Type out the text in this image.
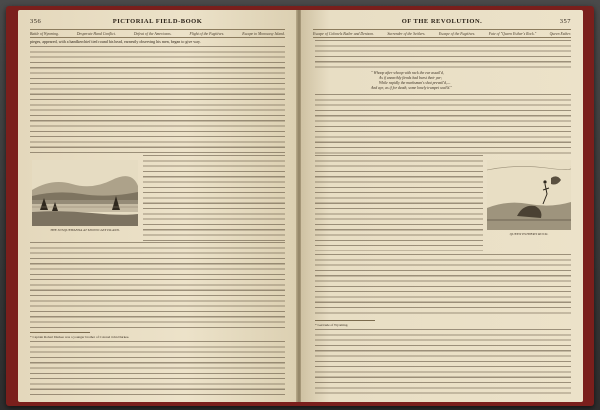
356	PICTORIAL FIELD-BOOK
Battle of Wyoming.	Desperate Hand Conflict.	Defeat of the Americans.	Flight of the Fugitives.	Escape to Monocasy Island.
pieges, appeared, with a handkerchief tied round his head, earnestly observing his men, began to give way.
THE SUSQUEHANNA AT MONOCASY ISLAND.
* Captain Robert Durkee was a younger brother of Colonel John Durkee.
OF THE REVOLUTION.	357
Escape of Colonels Butler and Denison.	Surrender of the Settlers.	Escape of the Fugitives.	Fate of "Queen Esther's Rock."	Queen Esther.
" Whoop after whoop with rack the ear assail'd,
As if unearthly fiends had burst their yar;
While rapidly the marksman's shot prevail'd,—
And aye, as if for death, some lonely trumpet wail'd."
QUEEN ESTHER'S ROCK.
* Gertrude of Wyoming.
